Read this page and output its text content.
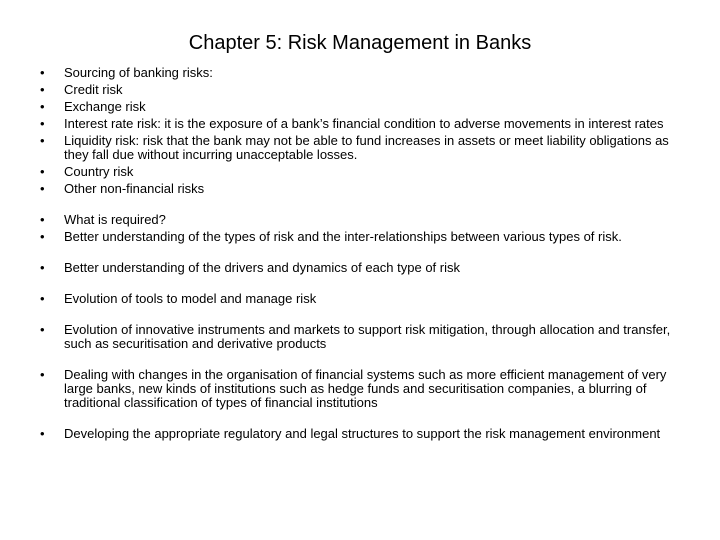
Chapter 5: Risk Management in Banks
• Sourcing of banking risks:
• Credit risk
• Exchange risk
• Interest rate risk: it is the exposure of a bank’s financial condition to adverse movements in interest rates
• Liquidity risk: risk that the bank may not be able to fund increases in assets or meet liability obligations as they fall due without incurring unacceptable losses.
• Country risk
• Other non-financial risks
• What is required?
• Better understanding of the types of risk and the inter-relationships between various types of risk.
• Better understanding of the drivers and dynamics of each type of risk
• Evolution of tools to model and manage risk
• Evolution of innovative instruments and markets to support risk mitigation, through allocation and transfer, such as securitisation and derivative products
• Dealing with changes in the organisation of financial systems such as more efficient management of very large banks, new kinds of institutions such as hedge funds and securitisation companies, a blurring of traditional classification of types of financial institutions
• Developing the appropriate regulatory and legal structures to support the risk management environment
